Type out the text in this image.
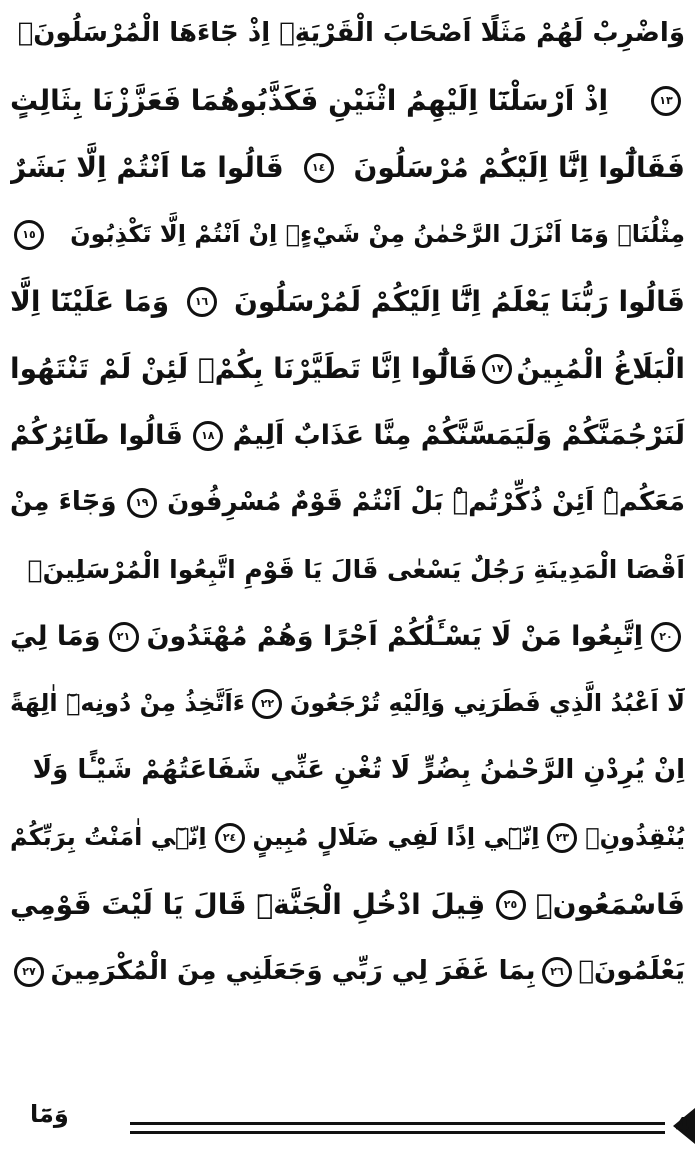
وَاضْرِبْ لَهُمْ مَثَلًا اَصْحَابَ الْقَرْيَةِۘ اِذْ جَٓاءَهَا الْمُرْسَلُونَۚ
١٣
اِذْ اَرْسَلْنَٓا اِلَيْهِمُ اثْنَيْنِ فَكَذَّبُوهُمَا فَعَزَّزْنَا بِثَالِثٍ
فَقَالُٓوا اِنَّٓا اِلَيْكُمْ مُرْسَلُونَ
١٤
قَالُوا مَٓا اَنْتُمْ اِلَّا بَشَرٌ
مِثْلُنَاۙ وَمَٓا اَنْزَلَ الرَّحْمٰنُ مِنْ شَيْءٍۙ اِنْ اَنْتُمْ اِلَّا تَكْذِبُونَ
١٥
قَالُوا رَبُّنَا يَعْلَمُ اِنَّٓا اِلَيْكُمْ لَمُرْسَلُونَ
١٦
وَمَا عَلَيْنَٓا اِلَّا
الْبَلَاغُ الْمُبِينُ
١٧
قَالُٓوا اِنَّا تَطَيَّرْنَا بِكُمْۚ لَئِنْ لَمْ تَنْتَهُوا
لَنَرْجُمَنَّكُمْ وَلَيَمَسَّنَّكُمْ مِنَّا عَذَابٌ اَلِيمٌ
١٨
قَالُوا طَٓائِرُكُمْ
مَعَكُمْۜ اَئِنْ ذُكِّرْتُمْۜ بَلْ اَنْتُمْ قَوْمٌ مُسْرِفُونَ
١٩
وَجَٓاءَ مِنْ
اَقْصَا الْمَدِينَةِ رَجُلٌ يَسْعٰى قَالَ يَا قَوْمِ اتَّبِعُوا الْمُرْسَلِينَۙ
٢٠
اِتَّبِعُوا مَنْ لَا يَسْـَٔلُكُمْ اَجْرًا وَهُمْ مُهْتَدُونَ
٢١
وَمَا لِيَ
لَٓا اَعْبُدُ الَّذِي فَطَرَنِي وَاِلَيْهِ تُرْجَعُونَ
٢٢
ءَاَتَّخِذُ مِنْ دُونِه۪ٓ اٰلِهَةً
اِنْ يُرِدْنِ الرَّحْمٰنُ بِضُرٍّ لَا تُغْنِ عَنِّي شَفَاعَتُهُمْ شَيْـًٔا وَلَا
يُنْقِذُونِۚ
٢٣
اِنّ۪ٓي اِذًا لَفِي ضَلَالٍ مُبِينٍ
٢٤
اِنّ۪ٓي اٰمَنْتُ بِرَبِّكُمْ
فَاسْمَعُونِۜ
٢٥
قِيلَ ادْخُلِ الْجَنَّةَۜ قَالَ يَا لَيْتَ قَوْمِي
يَعْلَمُونَۙ
٢٦
بِمَا غَفَرَ لِي رَبِّي وَجَعَلَنِي مِنَ الْمُكْرَمِينَ
٢٧
وَمَٓا	4
